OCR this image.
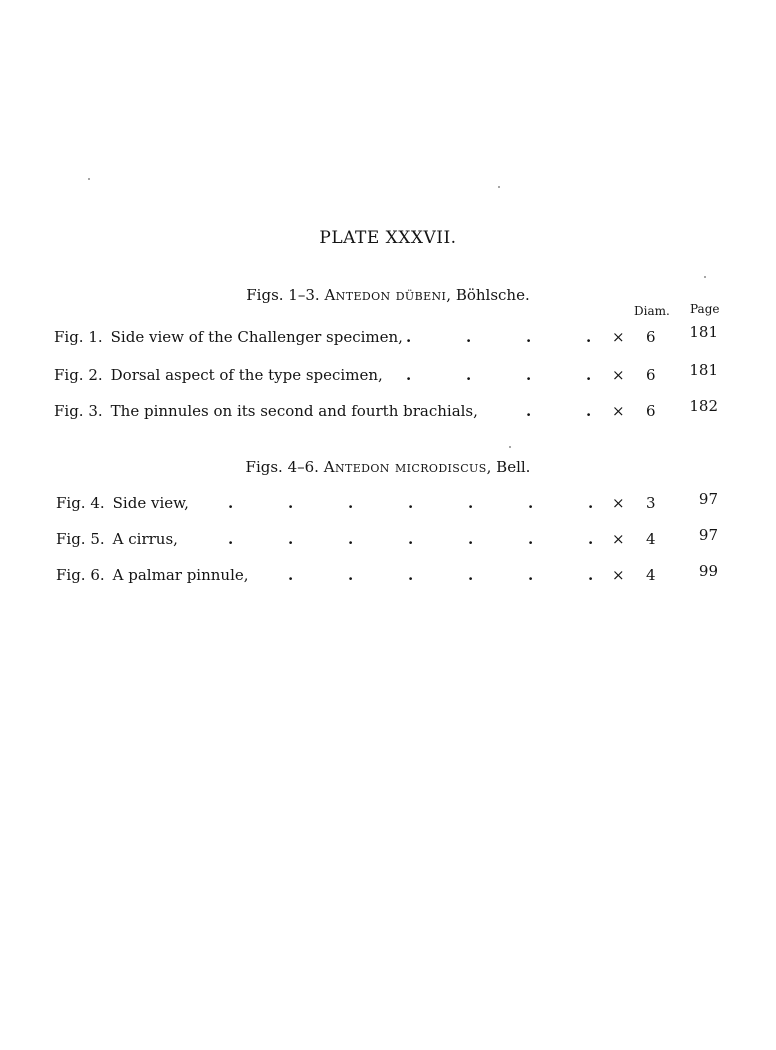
PLATE XXXVII.
Figs. 1–3. Antedon dübeni, Böhlsche.
Diam. Page
Fig. 1. Side view of the Challenger specimen, .	.	.	. × 6 181
Fig. 2. Dorsal aspect of the type specimen, .	.	.	. × 6 181
Fig. 3. The pinnules on its second and fourth brachials,	.	. × 6 182
Figs. 4–6. Antedon microdiscus, Bell.
Fig. 4. Side view,	.	.	.	.	.	.	. × 3	97
Fig. 5. A cirrus,	.	.	.	.	.	.	. × 4	97
Fig. 6. A palmar pinnule,	.	.	.	.	.	. × 4	99
